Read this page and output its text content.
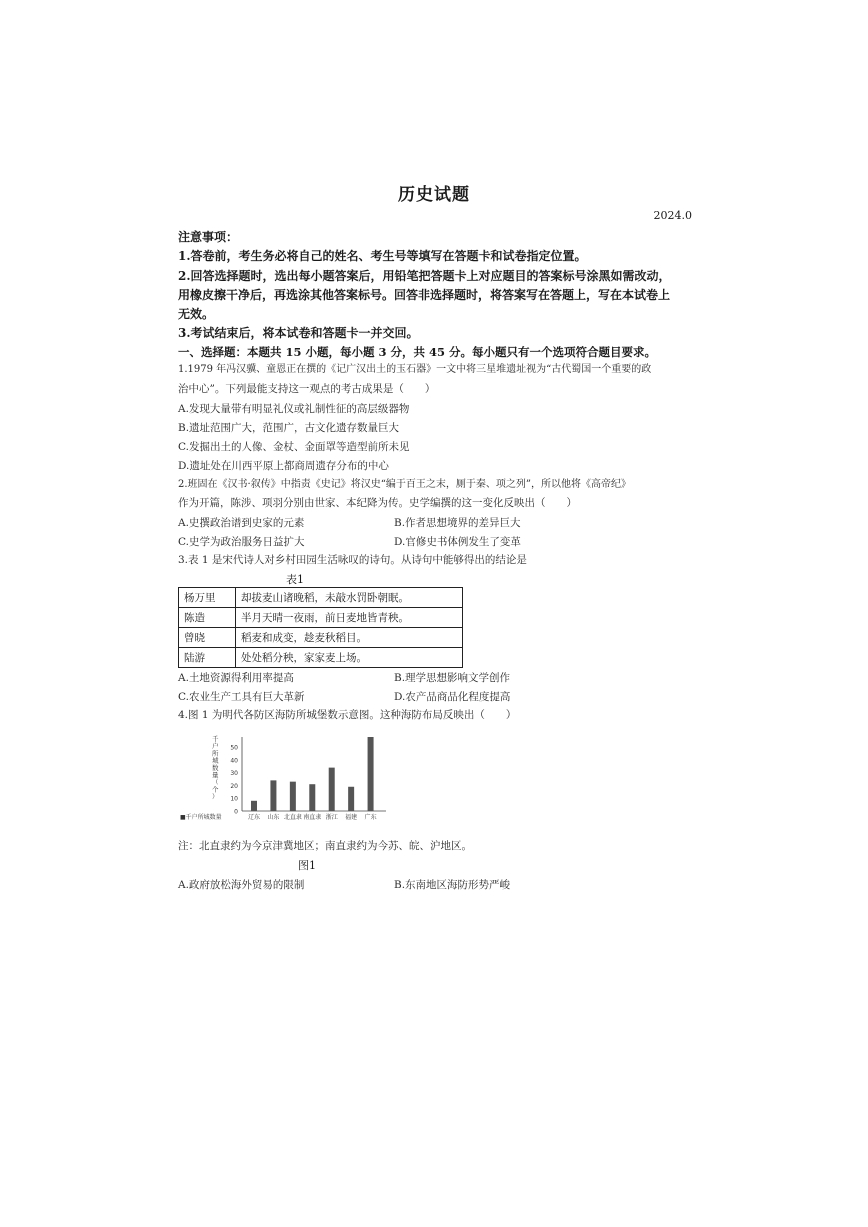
历史试题
2024.0
注意事项：
1.答卷前，考生务必将自己的姓名、考生号等填写在答题卡和试卷指定位置。
2.回答选择题时，选出每小题答案后，用铅笔把答题卡上对应题目的答案标号涂黑如需改动，
用橡皮擦干净后，再选涂其他答案标号。回答非选择题时，将答案写在答题上，写在本试卷上
无效。
3.考试结束后，将本试卷和答题卡一并交回。
一、选择题：本题共 15 小题，每小题 3 分，共 45 分。每小题只有一个选项符合题目要求。
1.1979 年冯汉骥、童恩正在撰的《记广汉出土的玉石器》一文中将三星堆遗址视为“古代蜀国一个重要的政
治中心”。下列最能支持这一观点的考古成果是（　　）
A.发现大量带有明显礼仪或礼制性征的高层级器物
B.遗址范围广大，范围广，古文化遗存数量巨大
C.发掘出土的人像、金杖、金面罩等造型前所未见
D.遗址处在川西平原上都商周遗存分布的中心
2.班固在《汉书·叙传》中指责《史记》将汉史“编于百王之末，厕于秦、项之列”，所以他将《高帝纪》
作为开篇，陈涉、项羽分别由世家、本纪降为传。史学编撰的这一变化反映出（　　）
A.史撰政治谱到史家的元素	B.作者思想境界的差异巨大
C.史学为政治服务日益扩大	D.官修史书体例发生了变革
3.表 1 是宋代诗人对乡村田园生活咏叹的诗句。从诗句中能够得出的结论是
表1
杨万里	却拔麦山诸晚稻，未敲水罚卧朝眠。
陈造	半月天晴一夜雨，前日麦地皆青秧。
曾晓	稻麦和成变，趁麦秋稻目。
陆游	处处稻分秧，家家麦上场。
A.土地资源得利用率提高	B.理学思想影响文学创作
C.农业生产工具有巨大革新	D.农产品商品化程度提高
4.图 1 为明代各防区海防所城堡数示意图。这种海防布局反映出（　　）
0
10
20
30
40
50
千户所城数量（个）
辽东 山东 北直隶 南直隶 浙江 福建 广东
■千户所城数量
注：北直隶约为今京津冀地区；南直隶约为今苏、皖、沪地区。
图1
A.政府放松海外贸易的限制	B.东南地区海防形势严峻
